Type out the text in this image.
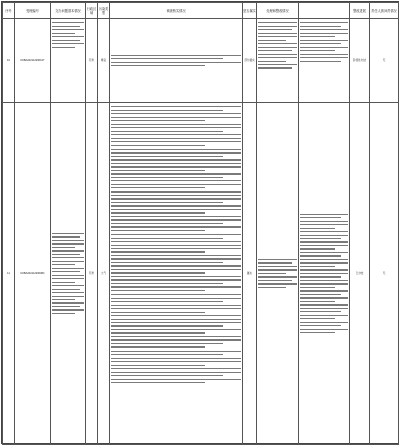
序号	受理编号	交办问题基本情况	行政区域	污染类型	调查核实情况	是否属实	处理和整改情况		整改进展	责任人被问责情况
10	D2BA202112290197		苏州	噪音		部分属实			阶段性办结	无
11	D2BA202112290084		苏州	大气		属实			已办结	无
